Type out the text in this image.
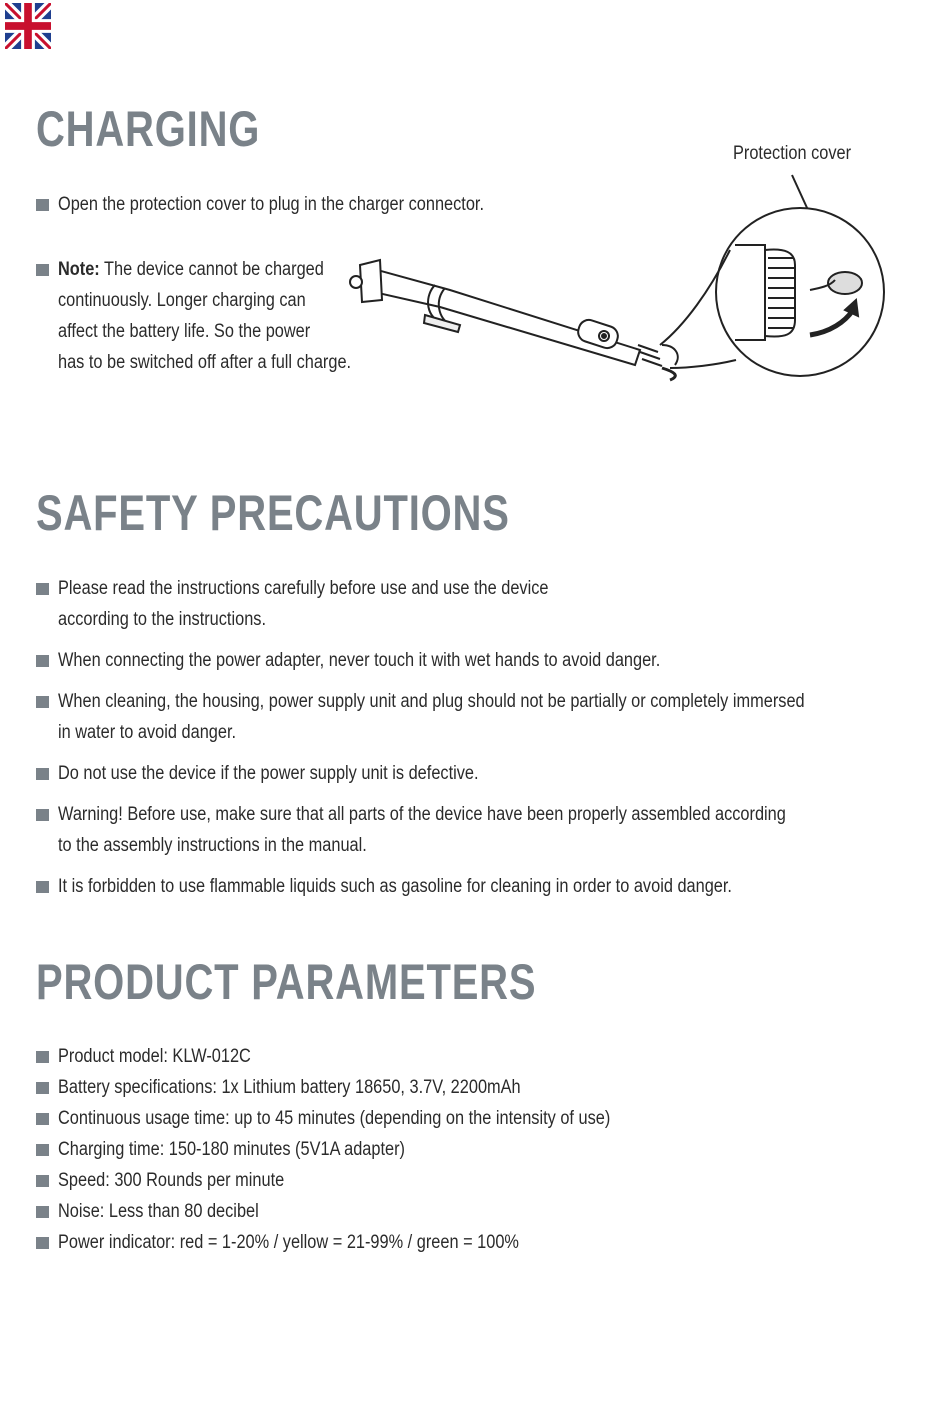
CHARGING
Open the protection cover to plug in the charger connector.
Note: The device cannot be charged
continuously. Longer charging can
affect the battery life. So the power
has to be switched off after a full charge.
Protection cover
SAFETY PRECAUTIONS
Please read the instructions carefully before use and use the device
according to the instructions.
When connecting the power adapter, never touch it with wet hands to avoid danger.
When cleaning, the housing, power supply unit and plug should not be partially or completely immersed
in water to avoid danger.
Do not use the device if the power supply unit is defective.
Warning! Before use, make sure that all parts of the device have been properly assembled according
to the assembly instructions in the manual.
It is forbidden to use flammable liquids such as gasoline for cleaning in order to avoid danger.
PRODUCT PARAMETERS
Product model: KLW-012C
Battery specifications: 1x Lithium battery 18650, 3.7V, 2200mAh
Continuous usage time: up to 45 minutes (depending on the intensity of use)
Charging time: 150-180 minutes (5V1A adapter)
Speed: 300 Rounds per minute
Noise: Less than 80 decibel
Power indicator: red = 1-20% / yellow = 21-99% / green = 100%
